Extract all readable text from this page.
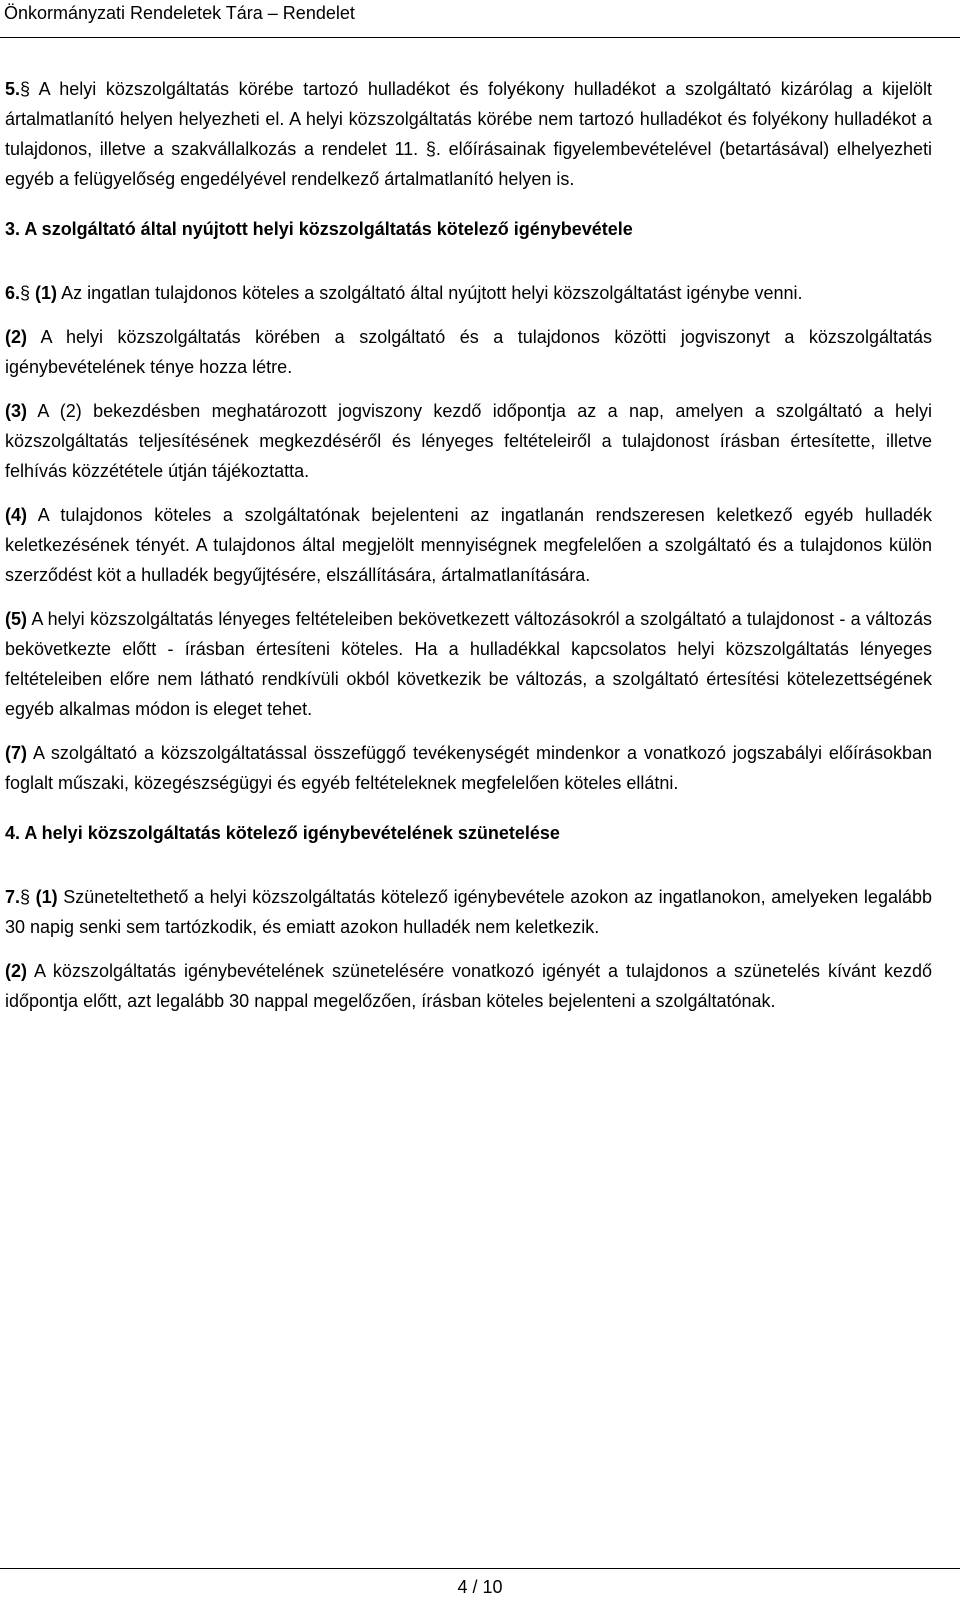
Önkormányzati Rendeletek Tára – Rendelet

5.§ A helyi közszolgáltatás körébe tartozó hulladékot és folyékony hulladékot a szolgáltató kizárólag a kijelölt ártalmatlanító helyen helyezheti el. A helyi közszolgáltatás körébe nem tartozó hulladékot és folyékony hulladékot a tulajdonos, illetve a szakvállalkozás a rendelet 11. §. előírásainak figyelembevételével (betartásával) elhelyezheti egyéb a felügyelőség engedélyével rendelkező ártalmatlanító helyen is.

3. A szolgáltató által nyújtott helyi közszolgáltatás kötelező igénybevétele

6.§ (1) Az ingatlan tulajdonos köteles a szolgáltató által nyújtott helyi közszolgáltatást igénybe venni.

(2) A helyi közszolgáltatás körében a szolgáltató és a tulajdonos közötti jogviszonyt a közszolgáltatás igénybevételének ténye hozza létre.

(3) A (2) bekezdésben meghatározott jogviszony kezdő időpontja az a nap, amelyen a szolgáltató a helyi közszolgáltatás teljesítésének megkezdéséről és lényeges feltételeiről a tulajdonost írásban értesítette, illetve felhívás közzététele útján tájékoztatta.

(4) A tulajdonos köteles a szolgáltatónak bejelenteni az ingatlanán rendszeresen keletkező egyéb hulladék keletkezésének tényét. A tulajdonos által megjelölt mennyiségnek megfelelően a szolgáltató és a tulajdonos külön szerződést köt a hulladék begyűjtésére, elszállítására, ártalmatlanítására.

(5) A helyi közszolgáltatás lényeges feltételeiben bekövetkezett változásokról a szolgáltató a tulajdonost - a változás bekövetkezte előtt - írásban értesíteni köteles. Ha a hulladékkal kapcsolatos helyi közszolgáltatás lényeges feltételeiben előre nem látható rendkívüli okból következik be változás, a szolgáltató értesítési kötelezettségének egyéb alkalmas módon is eleget tehet.

(7) A szolgáltató a közszolgáltatással összefüggő tevékenységét mindenkor a vonatkozó jogszabályi előírásokban foglalt műszaki, közegészségügyi és egyéb feltételeknek megfelelően köteles ellátni.

4. A helyi közszolgáltatás kötelező igénybevételének szünetelése

7.§ (1) Szüneteltethető a helyi közszolgáltatás kötelező igénybevétele azokon az ingatlanokon, amelyeken legalább 30 napig senki sem tartózkodik, és emiatt azokon hulladék nem keletkezik.

(2) A közszolgáltatás igénybevételének szünetelésére vonatkozó igényét a tulajdonos a szünetelés kívánt kezdő időpontja előtt, azt legalább 30 nappal megelőzően, írásban köteles bejelenteni a szolgáltatónak.

4 / 10
